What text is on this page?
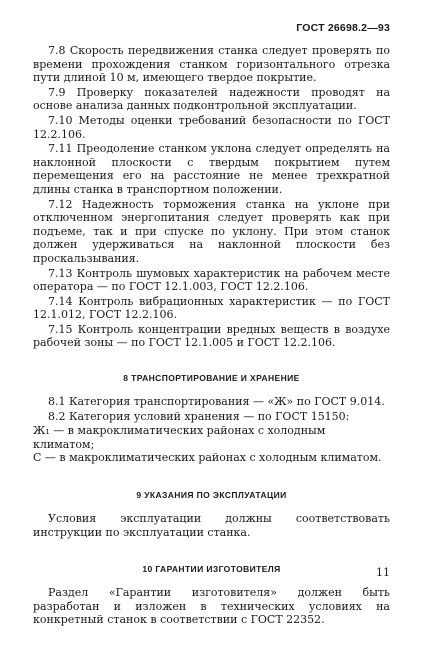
ГОСТ 26698.2—93

7.8 Скорость передвижения станка следует проверять по времени прохождения станком горизонтального отрезка пути длиной 10 м, имеющего твердое покрытие.

7.9 Проверку показателей надежности проводят на основе анализа данных подконтрольной эксплуатации.

7.10 Методы оценки требований безопасности по ГОСТ 12.2.106.

7.11 Преодоление станком уклона следует определять на наклонной плоскости с твердым покрытием путем перемещения его на расстояние не менее трехкратной длины станка в транспортном положении.

7.12 Надежность торможения станка на уклоне при отключенном энергопитания следует проверять как при подъеме, так и при спуске по уклону. При этом станок должен удерживаться на наклонной плоскости без проскальзывания.

7.13 Контроль шумовых характеристик на рабочем месте оператора — по ГОСТ 12.1.003, ГОСТ 12.2.106.

7.14 Контроль вибрационных характеристик — по ГОСТ 12.1.012, ГОСТ 12.2.106.

7.15 Контроль концентрации вредных веществ в воздухе рабочей зоны — по ГОСТ 12.1.005 и ГОСТ 12.2.106.

8 ТРАНСПОРТИРОВАНИЕ И ХРАНЕНИЕ

8.1 Категория транспортирования — «Ж» по ГОСТ 9.014.

8.2 Категория условий хранения — по ГОСТ 15150:

Ж₁ — в макроклиматических районах с холодным климатом;

С — в макроклиматических районах с холодным климатом.

9 УКАЗАНИЯ ПО ЭКСПЛУАТАЦИИ

Условия эксплуатации должны соответствовать инструкции по эксплуатации станка.

10 ГАРАНТИИ ИЗГОТОВИТЕЛЯ

Раздел «Гарантии изготовителя» должен быть разработан и изложен в технических условиях на конкретный станок в соответствии с ГОСТ 22352.

11
